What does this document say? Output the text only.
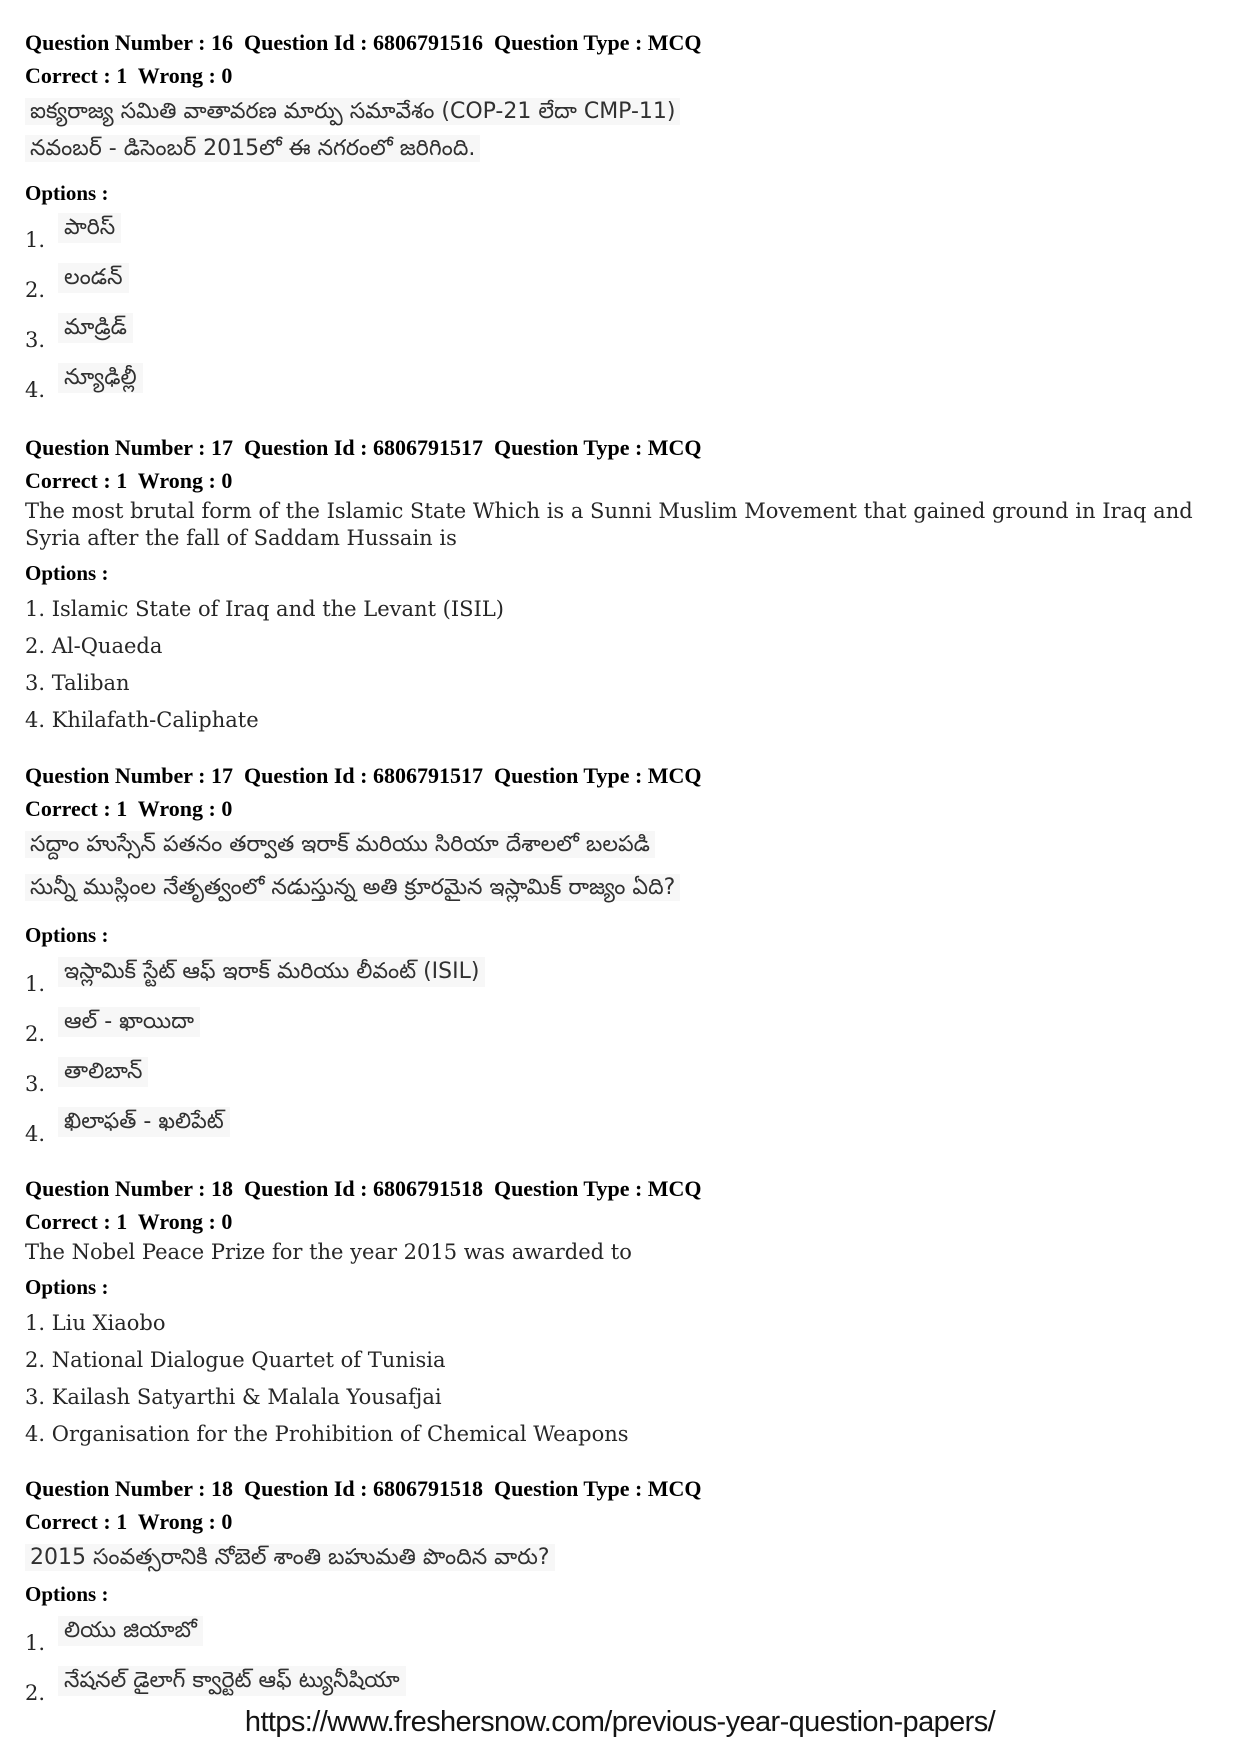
Question Number : 16  Question Id : 6806791516  Question Type : MCQ
Correct : 1  Wrong : 0
ఐక్యరాజ్య సమితి వాతావరణ మార్పు సమావేశం (COP-21 లేదా CMP-11)
నవంబర్ - డిసెంబర్ 2015లో ఈ నగరంలో జరిగింది.
Options :
1. పారిస్
2. లండన్
3. మాడ్రిడ్
4. న్యూఢిల్లీ
Question Number : 17  Question Id : 6806791517  Question Type : MCQ
Correct : 1  Wrong : 0
The most brutal form of the Islamic State Which is a Sunni Muslim Movement that gained ground in Iraq and Syria after the fall of Saddam Hussain is
Options :
1. Islamic State of Iraq and the Levant (ISIL)
2. Al-Quaeda
3. Taliban
4. Khilafath-Caliphate
Question Number : 17  Question Id : 6806791517  Question Type : MCQ
Correct : 1  Wrong : 0
సద్దాం హుస్సేన్ పతనం తర్వాత ఇరాక్ మరియు సిరియా దేశాలలో బలపడి
సున్నీ ముస్లింల నేతృత్వంలో నడుస్తున్న అతి క్రూరమైన ఇస్లామిక్ రాజ్యం ఏది?
Options :
1. ఇస్లామిక్ స్టేట్ ఆఫ్ ఇరాక్ మరియు లీవంట్ (ISIL)
2. ఆల్ - ఖాయిదా
3. తాలిబాన్
4. ఖిలాఫత్ - ఖలిపేట్
Question Number : 18  Question Id : 6806791518  Question Type : MCQ
Correct : 1  Wrong : 0
The Nobel Peace Prize for the year 2015 was awarded to
Options :
1. Liu Xiaobo
2. National Dialogue Quartet of Tunisia
3. Kailash Satyarthi & Malala Yousafjai
4. Organisation for the Prohibition of Chemical Weapons
Question Number : 18  Question Id : 6806791518  Question Type : MCQ
Correct : 1  Wrong : 0
2015 సంవత్సరానికి నోబెల్ శాంతి బహుమతి పొందిన వారు?
Options :
1. లియు జియాబో
2. నేషనల్ డైలాగ్ క్వార్టెట్ ఆఫ్ ట్యునీషియా
https://www.freshersnow.com/previous-year-question-papers/
